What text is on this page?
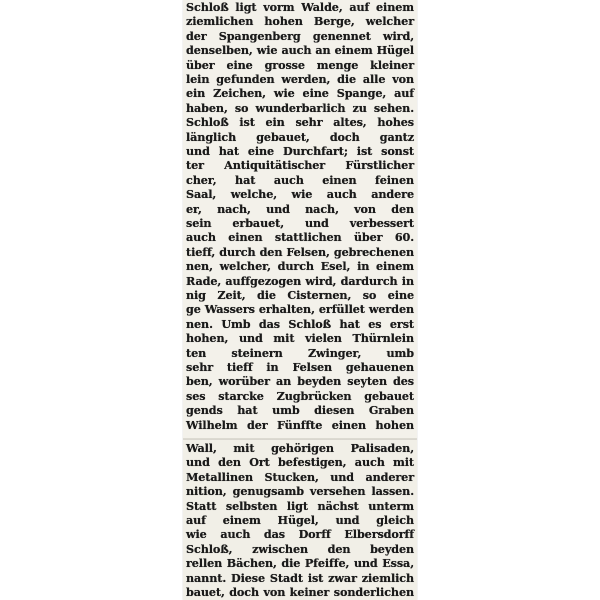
Schloß ligt vorm Walde, auf einem
ziemlichen hohen Berge, welcher
der Spangenberg genennet wird,
denselben, wie auch an einem Hügel
über eine grosse menge kleiner
lein gefunden werden, die alle von
ein Zeichen, wie eine Spange, auf
haben, so wunderbarlich zu sehen.
Schloß ist ein sehr altes, hohes
länglich gebauet, doch gantz
und hat eine Durchfart; ist sonst
ter Antiquitätischer Fürstlicher
cher, hat auch einen feinen
Saal, welche, wie auch andere
er, nach, und nach, von den
sein erbauet, und verbessert
auch einen stattlichen über 60.
tieff, durch den Felsen, gebrechenen
nen, welcher, durch Esel, in einem
Rade, auffgezogen wird, dardurch in
nig Zeit, die Cisternen, so eine
ge Wassers erhalten, erfüllet werden
nen. Umb das Schloß hat es erst
hohen, und mit vielen Thürnlein
ten steinern Zwinger, umb
sehr tieff in Felsen gehauenen
ben, worüber an beyden seyten des
ses starcke Zugbrücken gebauet
gends hat umb diesen Graben
Wilhelm der Fünffte einen hohen
Wall, mit gehörigen Palisaden,
und den Ort befestigen, auch mit
Metallinen Stucken, und anderer
nition, genugsamb versehen lassen.
Statt selbsten ligt nächst unterm
auf einem Hügel, und gleich
wie auch das Dorff Elbersdorff
Schloß, zwischen den beyden
rellen Bächen, die Pfeiffe, und Essa,
nannt. Diese Stadt ist zwar ziemlich
bauet, doch von keiner sonderlichen
